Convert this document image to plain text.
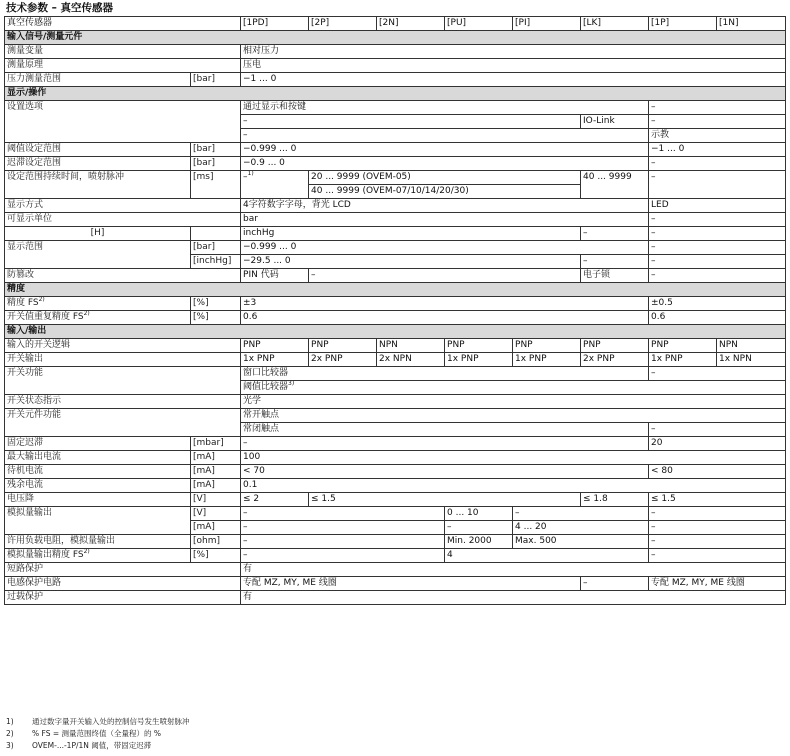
技术参数 – 真空传感器
真空传感器		[1PD]	[2P]	[2N]	[PU]	[PI]	[LK]	[1P]	[1N]
输入信号/测量元件									
测量变量		相对压力							
测量原理		压电							
压力测量范围	[bar]	−1 ... 0							
显示/操作									
设置选项		通过显示和按键						–	
		–					IO-Link	–	
		–						示教	
阈值设定范围	[bar]	−0.999 ... 0						−1 ... 0	
迟滞设定范围	[bar]	−0.9 ... 0						–	
设定范围持续时间，喷射脉冲	[ms]	–$^{1)}$	20 ... 9999 (OVEM-05)				40 ... 9999	–	
			40 ... 9999 (OVEM-07/10/14/20/30)						
显示方式		4字符数字字母，背光 LCD						LED	
可显示单位		bar						–	
[H]		inchHg					–	–	
显示范围	[bar]	−0.999 ... 0						–	
	[inchHg]	−29.5 ... 0					–	–	
防篡改		PIN 代码	–				电子锁	–	
精度									
精度 FS$^{2)}$	[%]	±3						±0.5	
开关值重复精度 FS$^{2)}$	[%]	0.6						0.6	
输入/输出									
输入的开关逻辑		PNP	PNP	NPN	PNP	PNP	PNP	PNP	NPN
开关输出		1x PNP	2x PNP	2x NPN	1x PNP	1x PNP	2x PNP	1x PNP	1x NPN
开关功能		窗口比较器						–	
		阈值比较器$^{3)}$
开关状态指示		光学							
开关元件功能		常开触点							
		常闭触点						–	
固定迟滞	[mbar]	–						20	
最大输出电流	[mA]	100							
待机电流	[mA]	< 70						< 80	
残余电流	[mA]	0.1							
电压降	[V]	≤ 2	≤ 1.5				≤ 1.8	≤ 1.5	
模拟量输出	[V]	–			0 ... 10	–		–	
	[mA]	–			–	4 ... 20		–	
许用负载电阻，模拟量输出	[ohm]	–			Min. 2000	Max. 500		–	
模拟量输出精度 FS$^{2)}$	[%]	–			4			–	
短路保护		有							
电感保护电路		专配 MZ, MY, ME 线圈					–	专配 MZ, MY, ME 线圈	
过载保护		有							
1) 通过数字量开关输入处的控制信号发生喷射脉冲
2) % FS = 测量范围终值（全量程）的 %
3) OVEM-...-1P/1N 阈值，带固定迟滞
